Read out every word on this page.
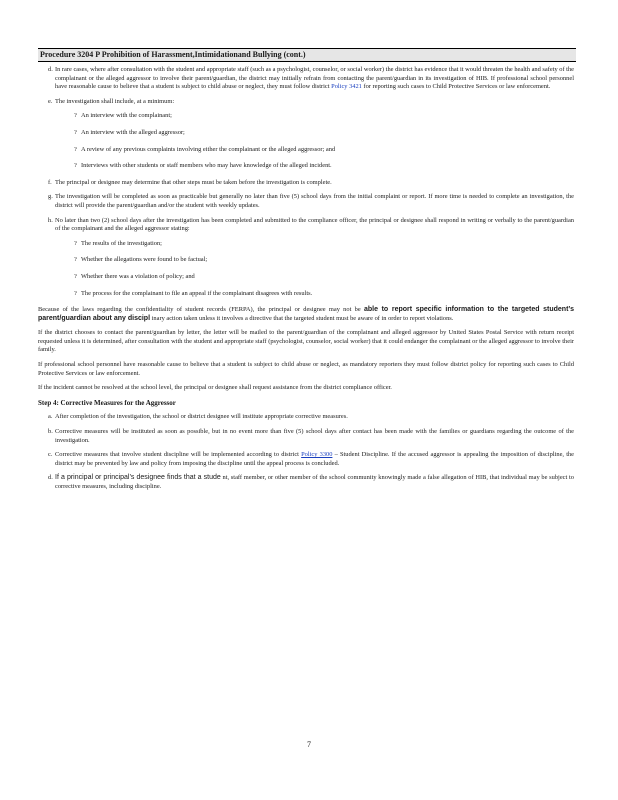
Procedure 3204 P Prohibition of Harassment,Intimidationand Bullying (cont.)
d. In rare cases, where after consultation with the student and appropriate staff (such as a psychologist, counselor, or social worker) the district has evidence that it would threaten the health and safety of the complainant or the alleged aggressor to involve their parent/guardian, the district may initially refrain from contacting the parent/guardian in its investigation of HIB. If professional school personnel have reasonable cause to believe that a student is subject to child abuse or neglect, they must follow district Policy 3421 for reporting such cases to Child Protective Services or law enforcement.
e. The investigation shall include, at a minimum:
? An interview with the complainant;
? An interview with the alleged aggressor;
? A review of any previous complaints involving either the complainant or the alleged aggressor; and
? Interviews with other students or staff members who may have knowledge of the alleged incident.
f. The principal or designee may determine that other steps must be taken before the investigation is complete.
g. The investigation will be completed as soon as practicable but generally no later than five (5) school days from the initial complaint or report. If more time is needed to complete an investigation, the district will provide the parent/guardian and/or the student with weekly updates.
h. No later than two (2) school days after the investigation has been completed and submitted to the compliance officer, the principal or designee shall respond in writing or verbally to the parent/guardian of the complainant and the alleged aggressor stating:
? The results of the investigation;
? Whether the allegations were found to be factual;
? Whether there was a violation of policy; and
? The process for the complainant to file an appeal if the complainant disagrees with results.
Because of the laws regarding the confidentiality of student records (FERPA), the principal or designee may not be able to report specific information to the targeted student’s parent/guardian about any discipl inary action taken unless it involves a directive that the targeted student must be aware of in order to report violations.
If the district chooses to contact the parent/guardian by letter, the letter will be mailed to the parent/guardian of the complainant and alleged aggressor by United States Postal Service with return receipt requested unless it is determined, after consultation with the student and appropriate staff (psychologist, counselor, social worker) that it could endanger the complainant or the alleged aggressor to involve their family.
If professional school personnel have reasonable cause to believe that a student is subject to child abuse or neglect, as mandatory reporters they must follow district policy for reporting such cases to Child Protective Services or law enforcement.
If the incident cannot be resolved at the school level, the principal or designee shall request assistance from the district compliance officer.
Step 4: Corrective Measures for the Aggressor
a. After completion of the investigation, the school or district designee will institute appropriate corrective measures.
b. Corrective measures will be instituted as soon as possible, but in no event more than five (5) school days after contact has been made with the families or guardians regarding the outcome of the investigation.
c. Corrective measures that involve student discipline will be implemented according to district Policy 3300 – Student Discipline. If the accused aggressor is appealing the imposition of discipline, the district may be prevented by law and policy from imposing the discipline until the appeal process is concluded.
d. If a principal or principal’s designee finds that a stude nt, staff member, or other member of the school community knowingly made a false allegation of HIB, that individual may be subject to corrective measures, including discipline.
7
